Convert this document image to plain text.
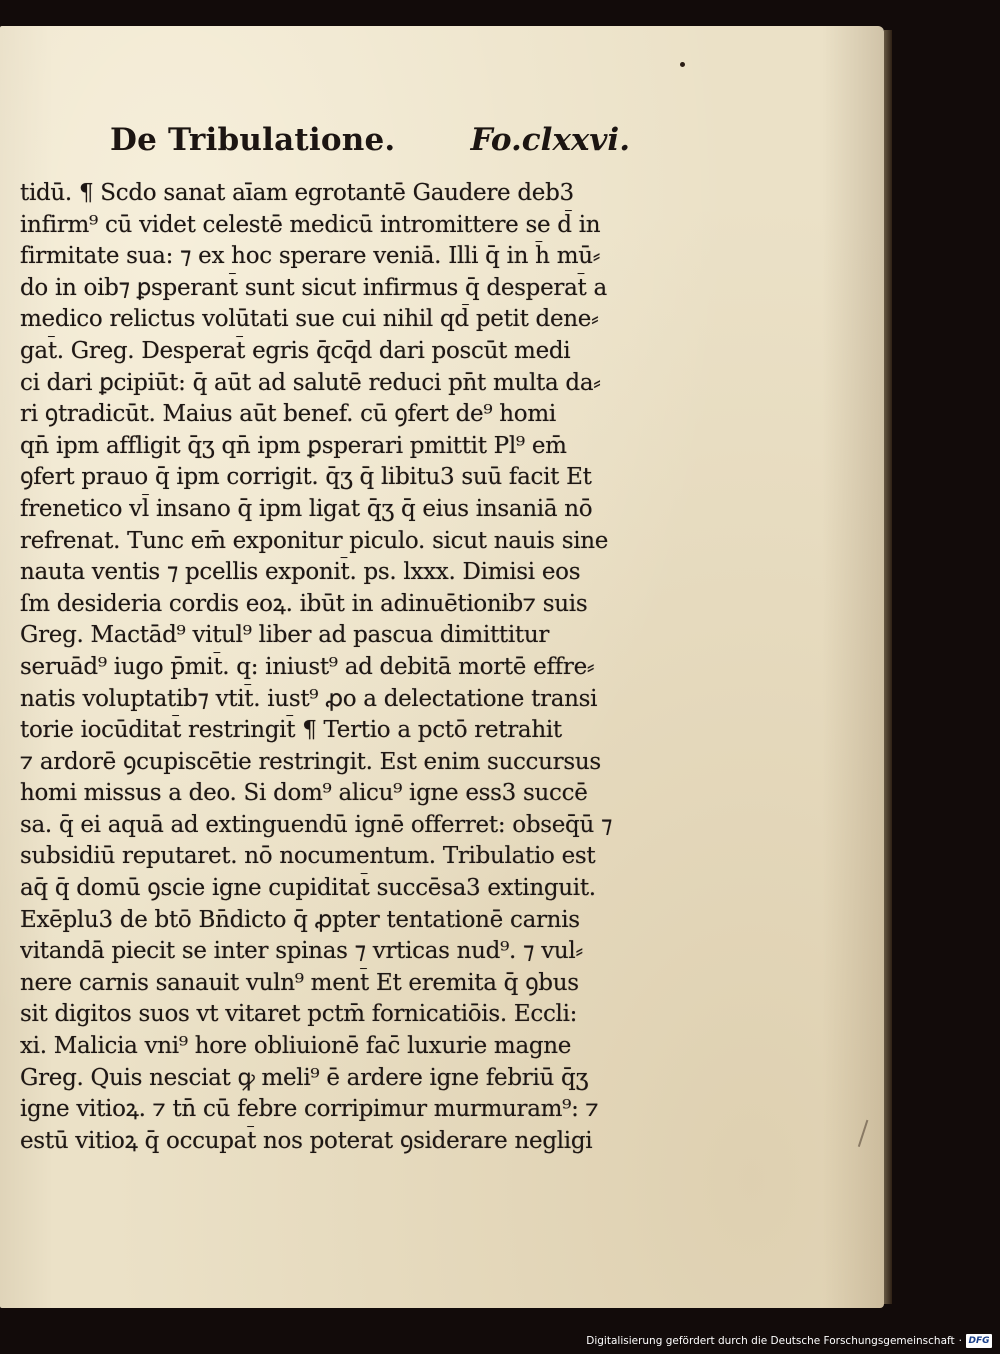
De Tribulatione. Fo.clxxvi.
tidū. ¶ Scdo sanat aīam egrotantē Gaudere deb3
infirm⁹ cū videt celestē medicū intromittere se d̄ in
firmitate sua: ⁊ ex hoc sperare veniā. Illi q̄ in h̄ mū⸗
do in oib⁊ ꝑsperant̄ sunt sicut infirmus q̄ desperat̄ a
medico relictus volūtati sue cui nihil qd̄ petit dene⸗
gat̄. Greg. Desperat̄ egris q̄cq̄d dari poscūt medi
ci dari ꝑcipiūt: q̄ aūt ad salutē reduci pn̄t multa da⸗
ri ꝯtradicūt. Maius aūt benef. cū ꝯfert de⁹ homi
qn̄ ipm affligit q̄ʒ qn̄ ipm ꝑsperari pmittit Pl⁹ em̄
ꝯfert prauo q̄ ipm corrigit. q̄ʒ q̄ libitu3 suū facit Et
frenetico vl̄ insano q̄ ipm ligat q̄ʒ q̄ eius insaniā nō
refrenat. Tunc em̄ exponitur piculo. sicut nauis sine
nauta ventis ⁊ pcellis exponit̄. ps. lxxx. Dimisi eos
ſm desideria cordis eoꝝ. ibūt in adinuētionib⁊ suis
Greg. Mactād⁹ vitul⁹ liber ad pascua dimittitur
seruād⁹ iugo p̄mit̄. q: iniust⁹ ad debitā mortē effre⸗
natis voluptatib⁊ vtit̄. iust⁹ ꝓo a delectatione transi
torie iocūditat̄ restringit̄ ¶ Tertio a pctō retrahit
⁊ ardorē ꝯcupiscētie restringit. Est enim succursus
homi missus a deo. Si dom⁹ alicu⁹ igne ess3 succē
sa. q̄ ei aquā ad extinguendū ignē offerret: obseq̄ū ⁊
subsidiū reputaret. nō nocumentum. Tribulatio est
aq̄ q̄ domū ꝯscie igne cupiditat̄ succēsa3 extinguit.
Exēplu3 de btō Bn̄dicto q̄ ꝓpter tentationē carnis
vitandā piecit se inter spinas ⁊ vrticas nud⁹. ⁊ vul⸗
nere carnis sanauit vuln⁹ ment̄ Et eremita q̄ ꝯbus
sit digitos suos vt vitaret pctm̄ fornicatiōis. Eccli:
xi. Malicia vni⁹ hore obliuionē fac̄ luxurie magne
Greg. Quis nesciat ꝙ meli⁹ ē ardere igne febriū q̄ʒ
igne vitioꝝ. ⁊ tn̄ cū febre corripimur murmuram⁹: ⁊
estū vitioꝝ q̄ occupat̄ nos poterat ꝯsiderare negligi
Digitalisierung gefördert durch die Deutsche Forschungsgemeinschaft · DFG
